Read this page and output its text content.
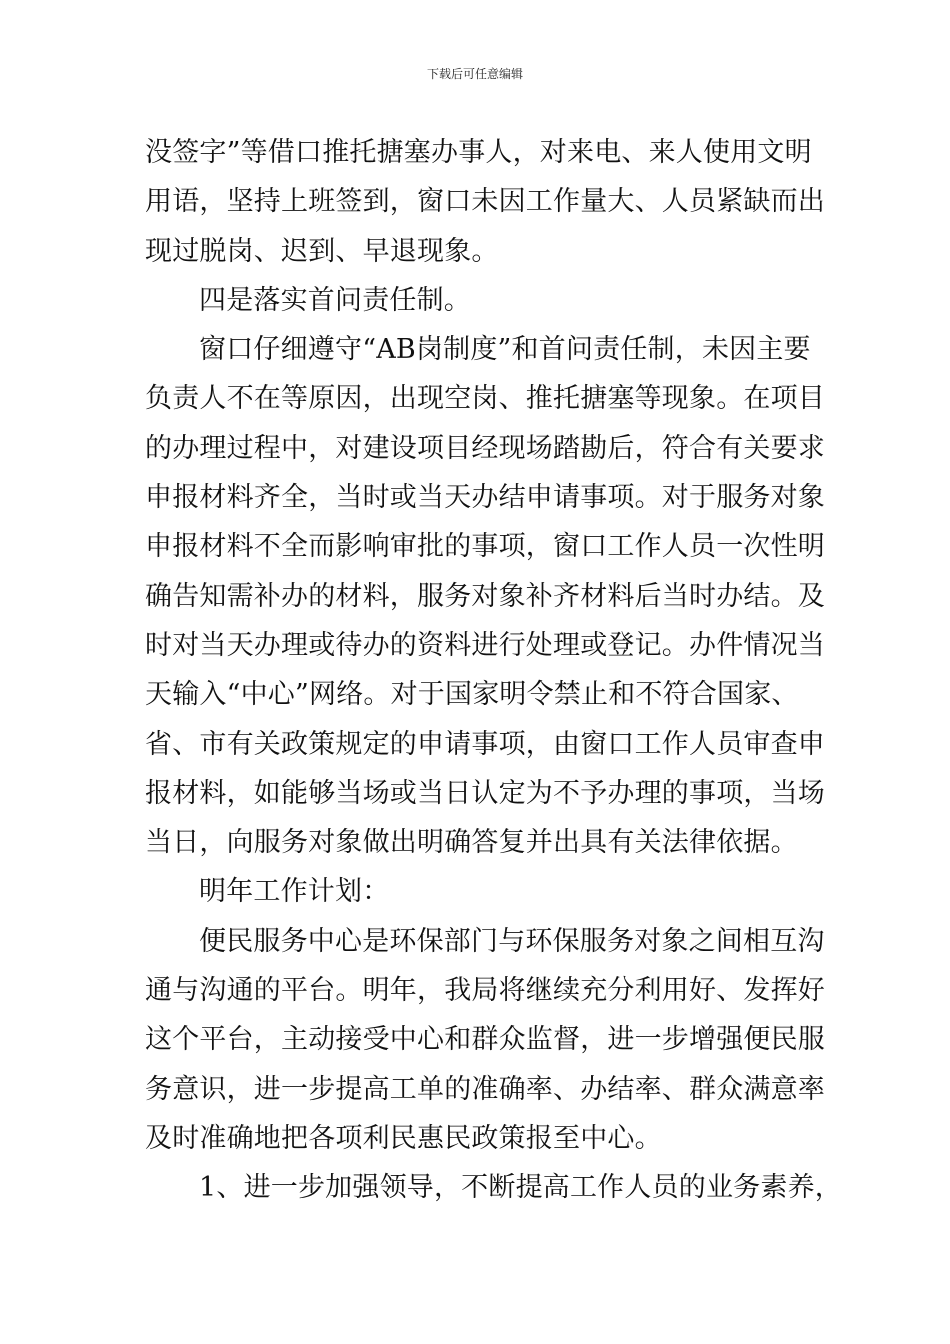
下载后可任意编辑
没签字”等借口推托搪塞办事人，对来电、来人使用文明
用语，坚持上班签到，窗口未因工作量大、人员紧缺而出
现过脱岗、迟到、早退现象。
四是落实首问责任制。
窗口仔细遵守“AB岗制度”和首问责任制，未因主要
负责人不在等原因，出现空岗、推托搪塞等现象。在项目
的办理过程中，对建设项目经现场踏勘后，符合有关要求
申报材料齐全，当时或当天办结申请事项。对于服务对象
申报材料不全而影响审批的事项，窗口工作人员一次性明
确告知需补办的材料，服务对象补齐材料后当时办结。及
时对当天办理或待办的资料进行处理或登记。办件情况当
天输入“中心”网络。对于国家明令禁止和不符合国家、
省、市有关政策规定的申请事项，由窗口工作人员审查申
报材料，如能够当场或当日认定为不予办理的事项，当场
当日，向服务对象做出明确答复并出具有关法律依据。
明年工作计划：
便民服务中心是环保部门与环保服务对象之间相互沟
通与沟通的平台。明年，我局将继续充分利用好、发挥好
这个平台，主动接受中心和群众监督，进一步增强便民服
务意识，进一步提高工单的准确率、办结率、群众满意率
及时准确地把各项利民惠民政策报至中心。
1、进一步加强领导，不断提高工作人员的业务素养，
